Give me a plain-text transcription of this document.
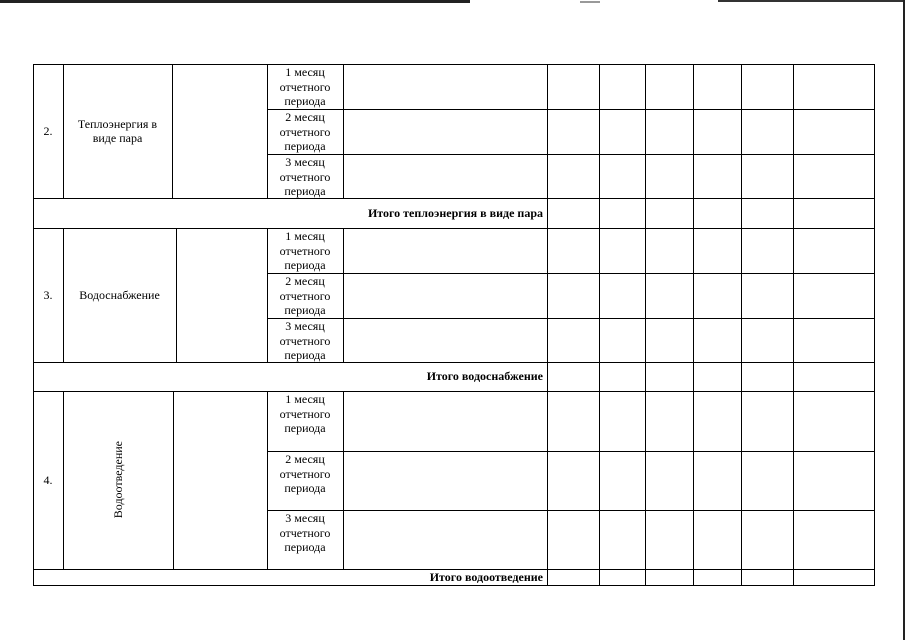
2.
Теплоэнергия в виде пара
1 месяц отчетного периода
2 месяц отчетного периода
3 месяц отчетного периода
Итого теплоэнергия в виде пара
3. Водоснабжение
1 месяц отчетного периода
2 месяц отчетного периода
3 месяц отчетного периода
Итого водоснабжение
4.	Водоотведение
1 месяц отчетного периода
2 месяц отчетного периода
3 месяц отчетного периода
Итого водоотведение
